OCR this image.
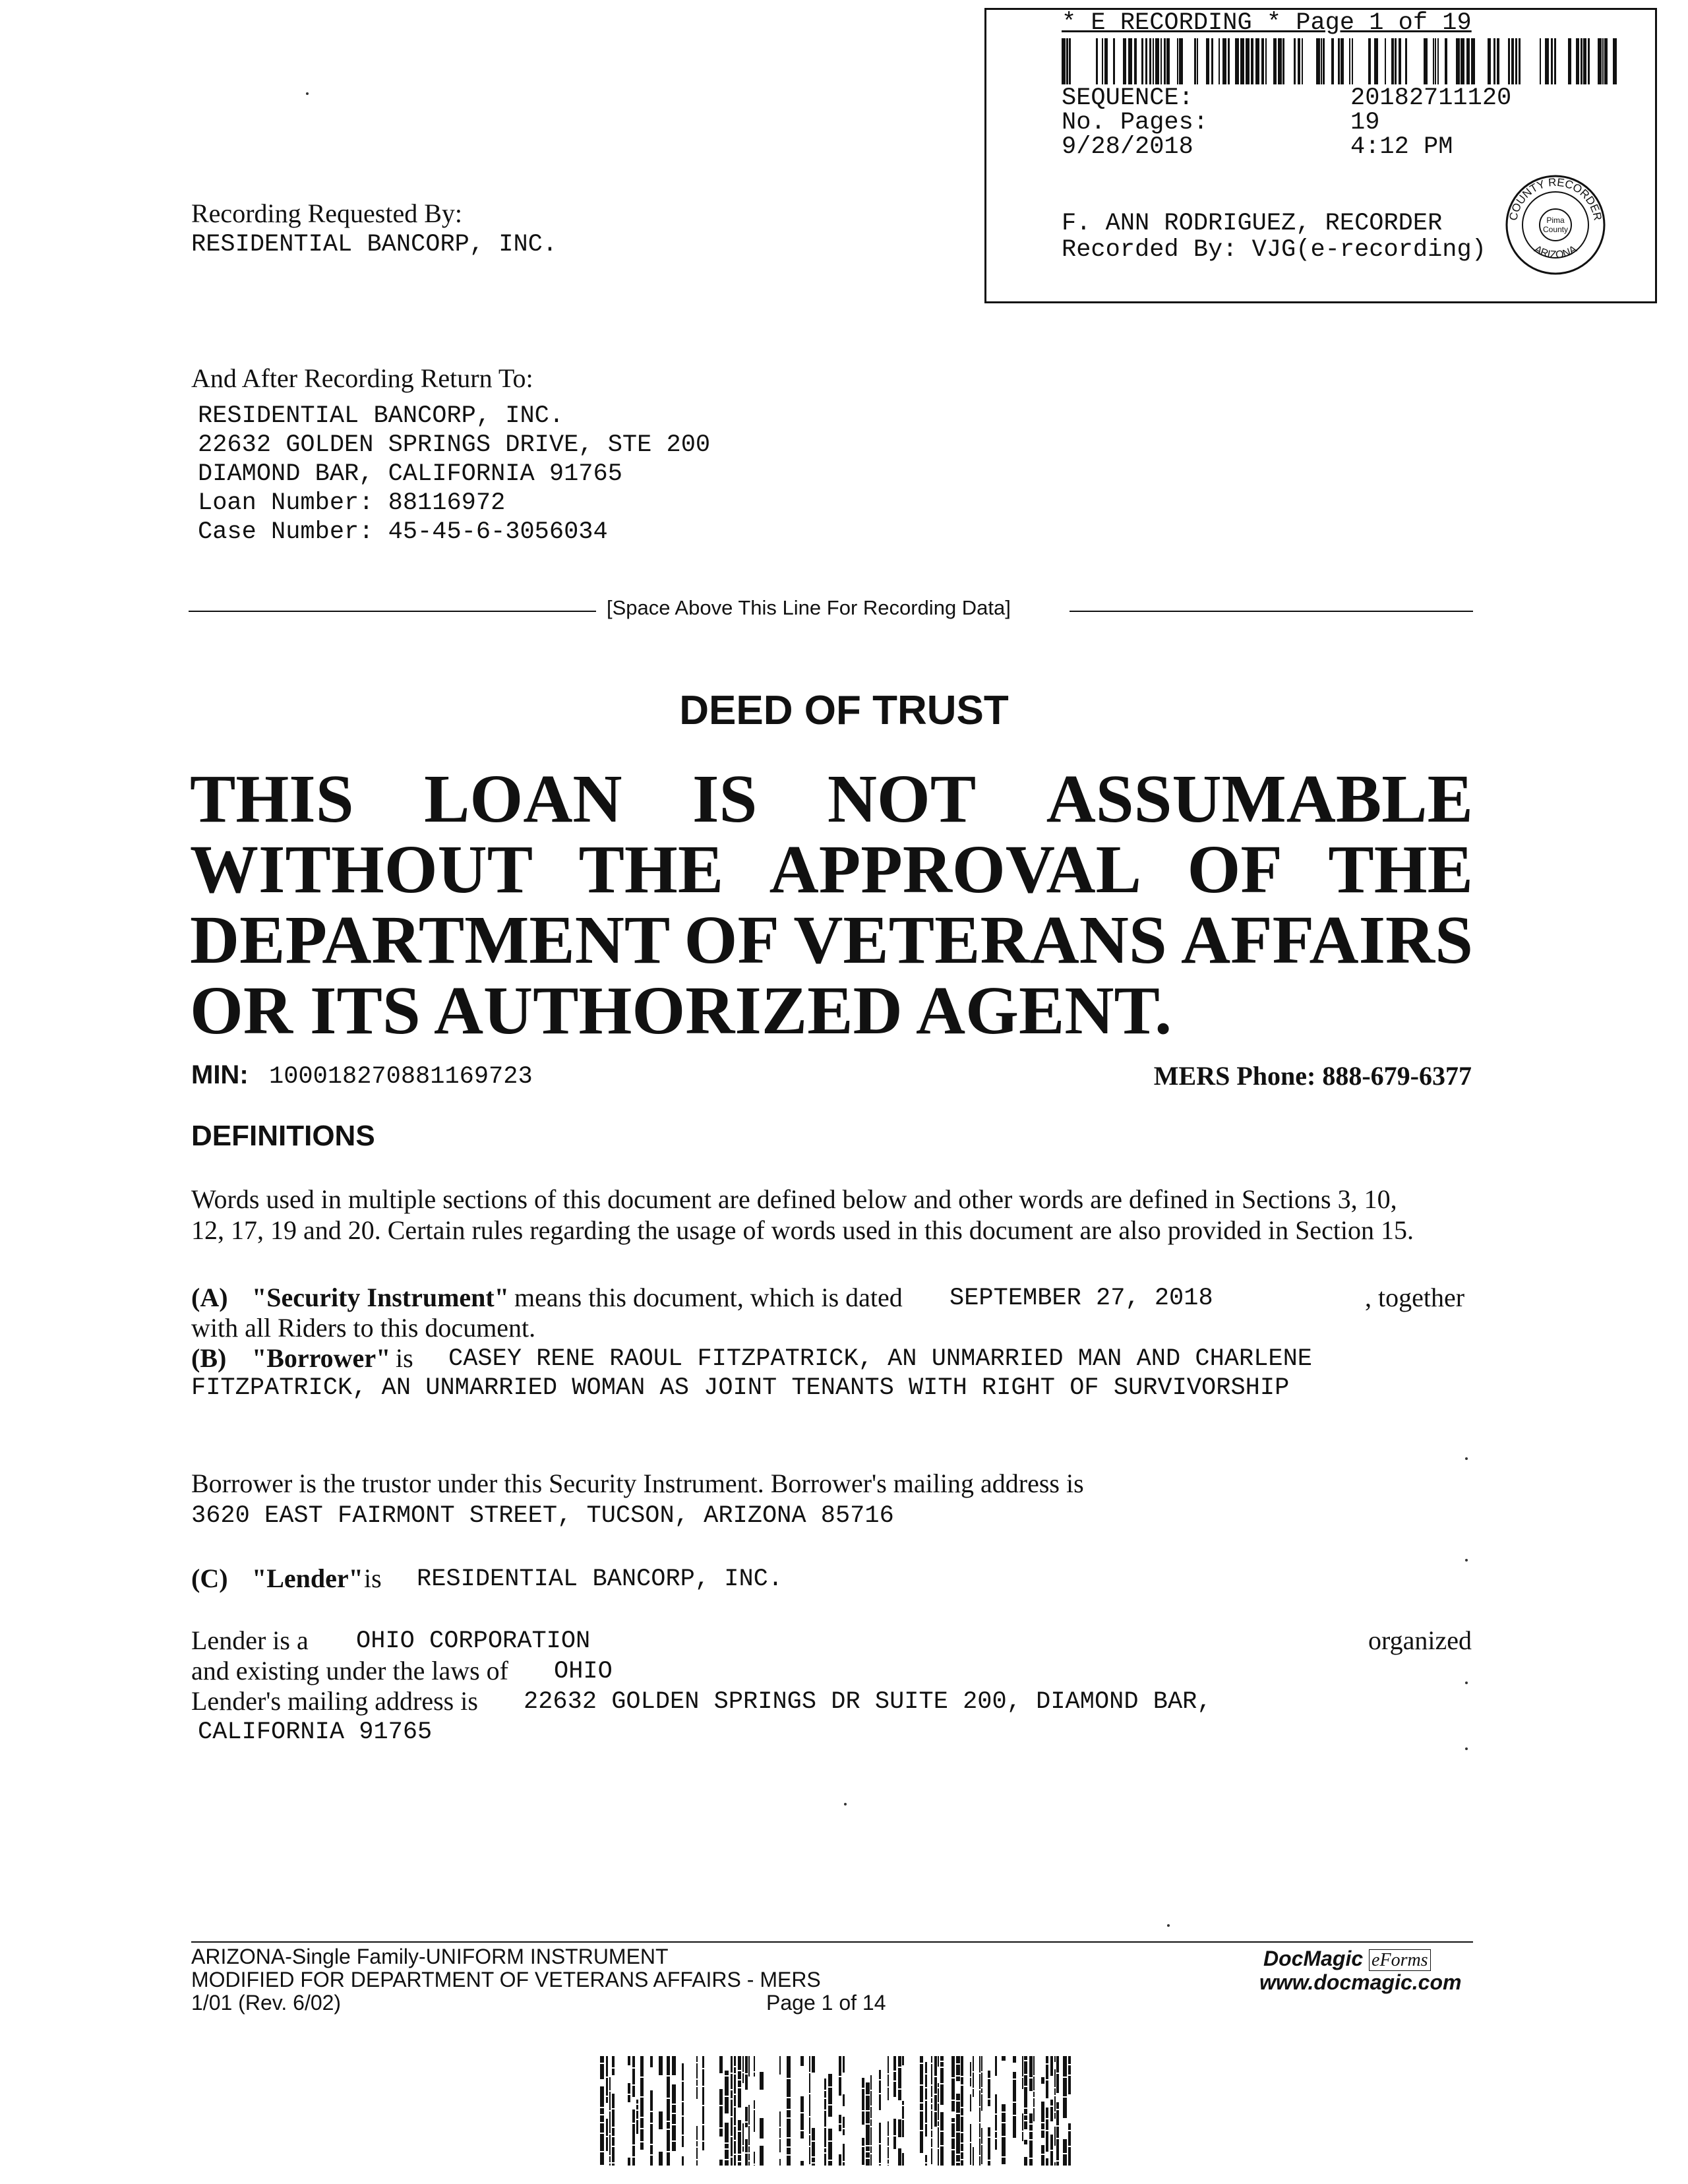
* E RECORDING * Page 1 of 19
SEQUENCE:	20182711120
No. Pages:	19
9/28/2018	4:12 PM
F. ANN RODRIGUEZ, RECORDER
Recorded By: VJG(e-recording)
COUNTY RECORDER
ARIZONA
Pima
County
Recording Requested By:
RESIDENTIAL BANCORP, INC.
And After Recording Return To:
RESIDENTIAL BANCORP, INC.
22632 GOLDEN SPRINGS DRIVE, STE 200
DIAMOND BAR, CALIFORNIA 91765
Loan Number: 88116972
Case Number: 45-45-6-3056034
[Space Above This Line For Recording Data]
DEED OF TRUST
THIS LOAN IS NOT ASSUMABLE
WITHOUT THE APPROVAL OF THE
DEPARTMENT OF VETERANS AFFAIRS
OR ITS AUTHORIZED AGENT.
MIN: 100018270881169723	MERS Phone: 888-679-6377
DEFINITIONS
Words used in multiple sections of this document are defined below and other words are defined in Sections 3, 10,
12, 17, 19 and 20. Certain rules regarding the usage of words used in this document are also provided in Section 15.
(A) "Security Instrument" means this document, which is dated SEPTEMBER 27, 2018	, together
with all Riders to this document.
(B) "Borrower" is CASEY RENE RAOUL FITZPATRICK, AN UNMARRIED MAN AND CHARLENE
FITZPATRICK, AN UNMARRIED WOMAN AS JOINT TENANTS WITH RIGHT OF SURVIVORSHIP
Borrower is the trustor under this Security Instrument. Borrower's mailing address is
3620 EAST FAIRMONT STREET, TUCSON, ARIZONA 85716
(C) "Lender" is RESIDENTIAL BANCORP, INC.
Lender is a OHIO CORPORATION	organized
and existing under the laws of OHIO
Lender's mailing address is 22632 GOLDEN SPRINGS DR SUITE 200, DIAMOND BAR,
CALIFORNIA 91765
ARIZONA-Single Family-UNIFORM INSTRUMENT
MODIFIED FOR DEPARTMENT OF VETERANS AFFAIRS - MERS
1/01 (Rev. 6/02)	Page 1 of 14
DocMagic eForms
www.docmagic.com
